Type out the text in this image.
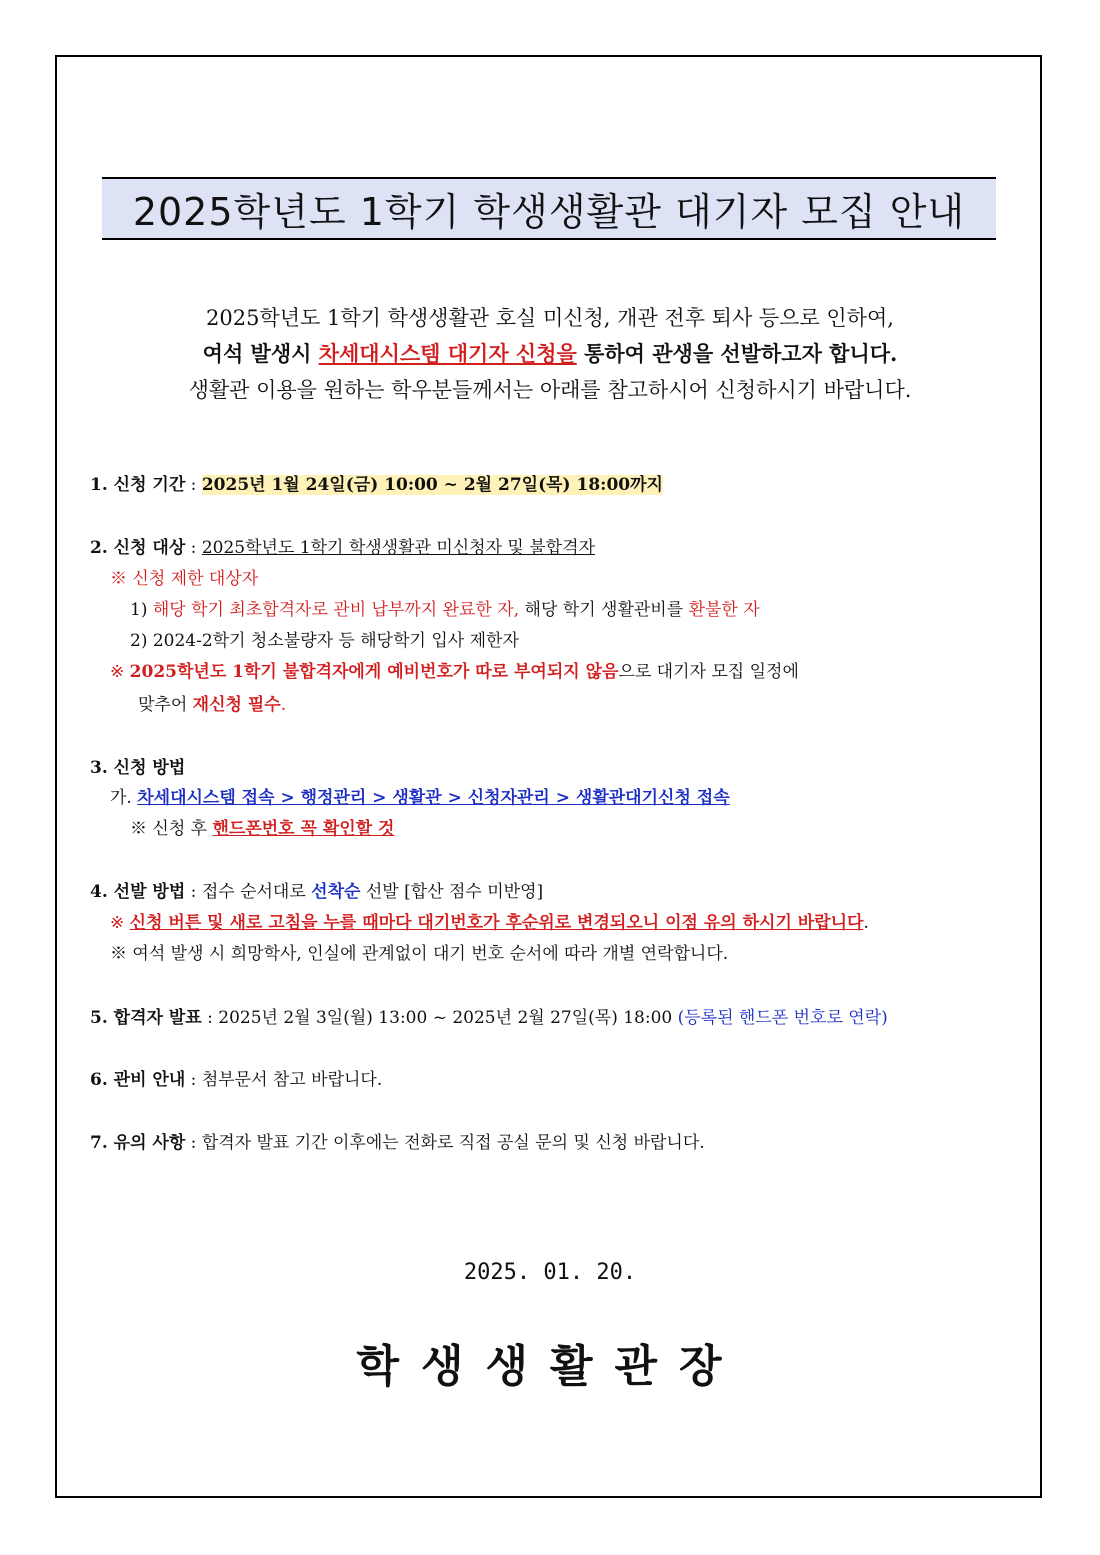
2025학년도 1학기 학생생활관 대기자 모집 안내
2025학년도 1학기 학생생활관 호실 미신청, 개관 전후 퇴사 등으로 인하여,
여석 발생시 차세대시스템 대기자 신청을 통하여 관생을 선발하고자 합니다.
생활관 이용을 원하는 학우분들께서는 아래를 참고하시어 신청하시기 바랍니다.
1. 신청 기간 : 2025년 1월 24일(금) 10:00 ~ 2월 27일(목) 18:00까지
2. 신청 대상 : 2025학년도 1학기 학생생활관 미신청자 및 불합격자
※ 신청 제한 대상자
1) 해당 학기 최초합격자로 관비 납부까지 완료한 자, 해당 학기 생활관비를 환불한 자
2) 2024-2학기 청소불량자 등 해당학기 입사 제한자
※ 2025학년도 1학기 불합격자에게 예비번호가 따로 부여되지 않음으로 대기자 모집 일정에
맞추어 재신청 필수.
3. 신청 방법
가. 차세대시스템 접속 > 행정관리 > 생활관 > 신청자관리 > 생활관대기신청 접속
※ 신청 후 핸드폰번호 꼭 확인할 것
4. 선발 방법 : 접수 순서대로 선착순 선발 [합산 점수 미반영]
※ 신청 버튼 및 새로 고침을 누를 때마다 대기번호가 후순위로 변경되오니 이점 유의 하시기 바랍니다.
※ 여석 발생 시 희망학사, 인실에 관계없이 대기 번호 순서에 따라 개별 연락합니다.
5. 합격자 발표 : 2025년 2월 3일(월) 13:00 ~ 2025년 2월 27일(목) 18:00 (등록된 핸드폰 번호로 연락)
6. 관비 안내 : 첨부문서 참고 바랍니다.
7. 유의 사항 : 합격자 발표 기간 이후에는 전화로 직접 공실 문의 및 신청 바랍니다.
2025. 01. 20.
학생생활관장
